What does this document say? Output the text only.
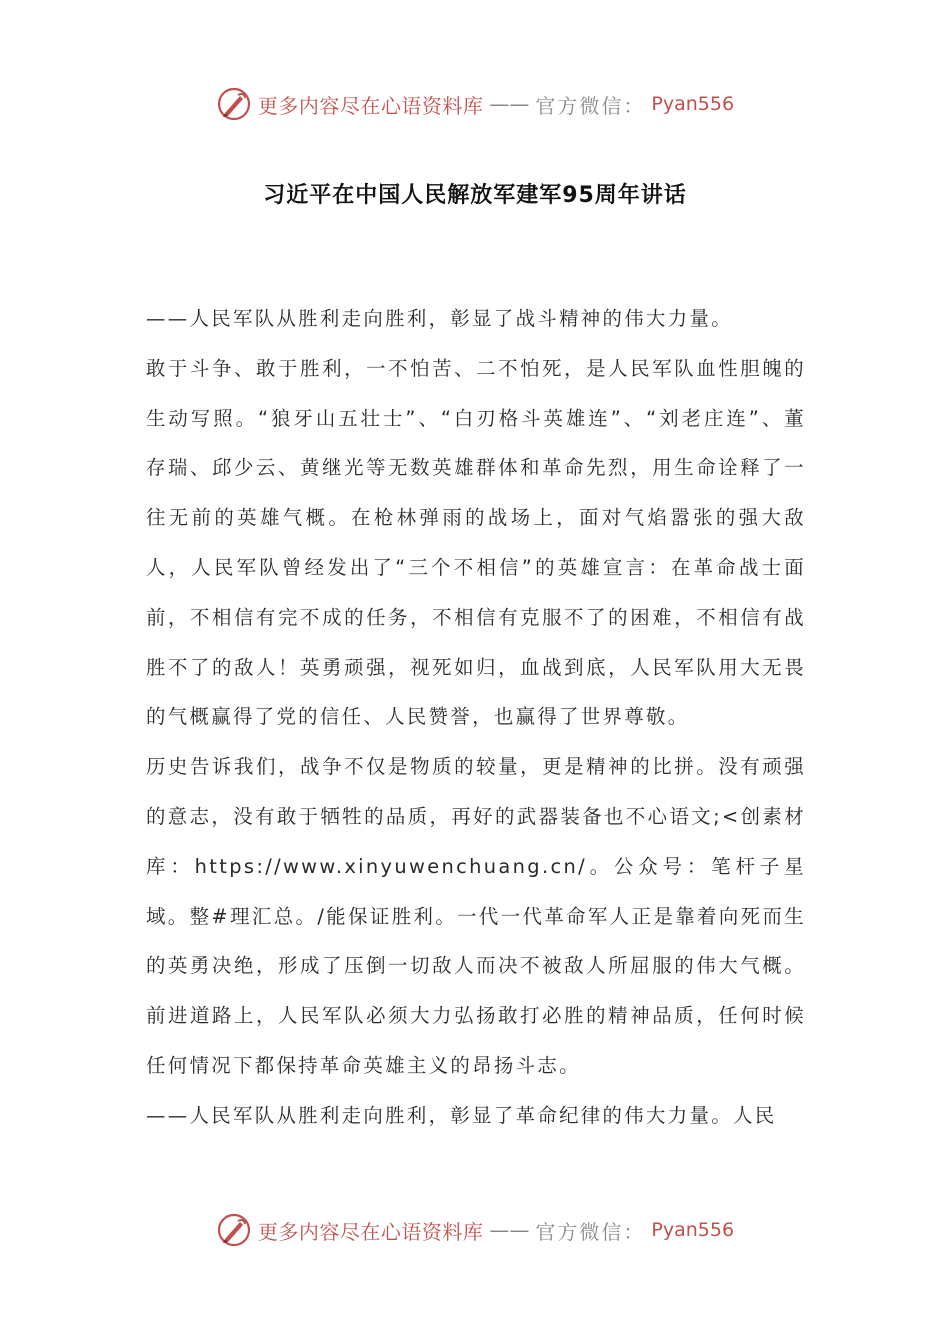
更多内容尽在心语资料库 —— 官方微信： Pyan556
习近平在中国人民解放军建军95周年讲话

——人民军队从胜利走向胜利，彰显了战斗精神的伟大力量。

敢于斗争、敢于胜利，一不怕苦、二不怕死，是人民军队血性胆魄的生动写照。“狼牙山五壮士”、“白刃格斗英雄连”、“刘老庄连”、董存瑞、邱少云、黄继光等无数英雄群体和革命先烈，用生命诠释了一往无前的英雄气概。在枪林弹雨的战场上，面对气焰嚣张的强大敌人，人民军队曾经发出了“三个不相信”的英雄宣言：在革命战士面前，不相信有完不成的任务，不相信有克服不了的困难，不相信有战胜不了的敌人！英勇顽强，视死如归，血战到底，人民军队用大无畏的气概赢得了党的信任、人民赞誉，也赢得了世界尊敬。

历史告诉我们，战争不仅是物质的较量，更是精神的比拼。没有顽强的意志，没有敢于牺牲的品质，再好的武器装备也不心语文;<创素材库：https://www.xinyuwenchuang.cn/。公众号：笔杆子星域。整#理汇总。/能保证胜利。一代一代革命军人正是靠着向死而生的英勇决绝，形成了压倒一切敌人而决不被敌人所屈服的伟大气概。前进道路上，人民军队必须大力弘扬敢打必胜的精神品质，任何时候任何情况下都保持革命英雄主义的昂扬斗志。

——人民军队从胜利走向胜利，彰显了革命纪律的伟大力量。人民

更多内容尽在心语资料库 —— 官方微信： Pyan556
